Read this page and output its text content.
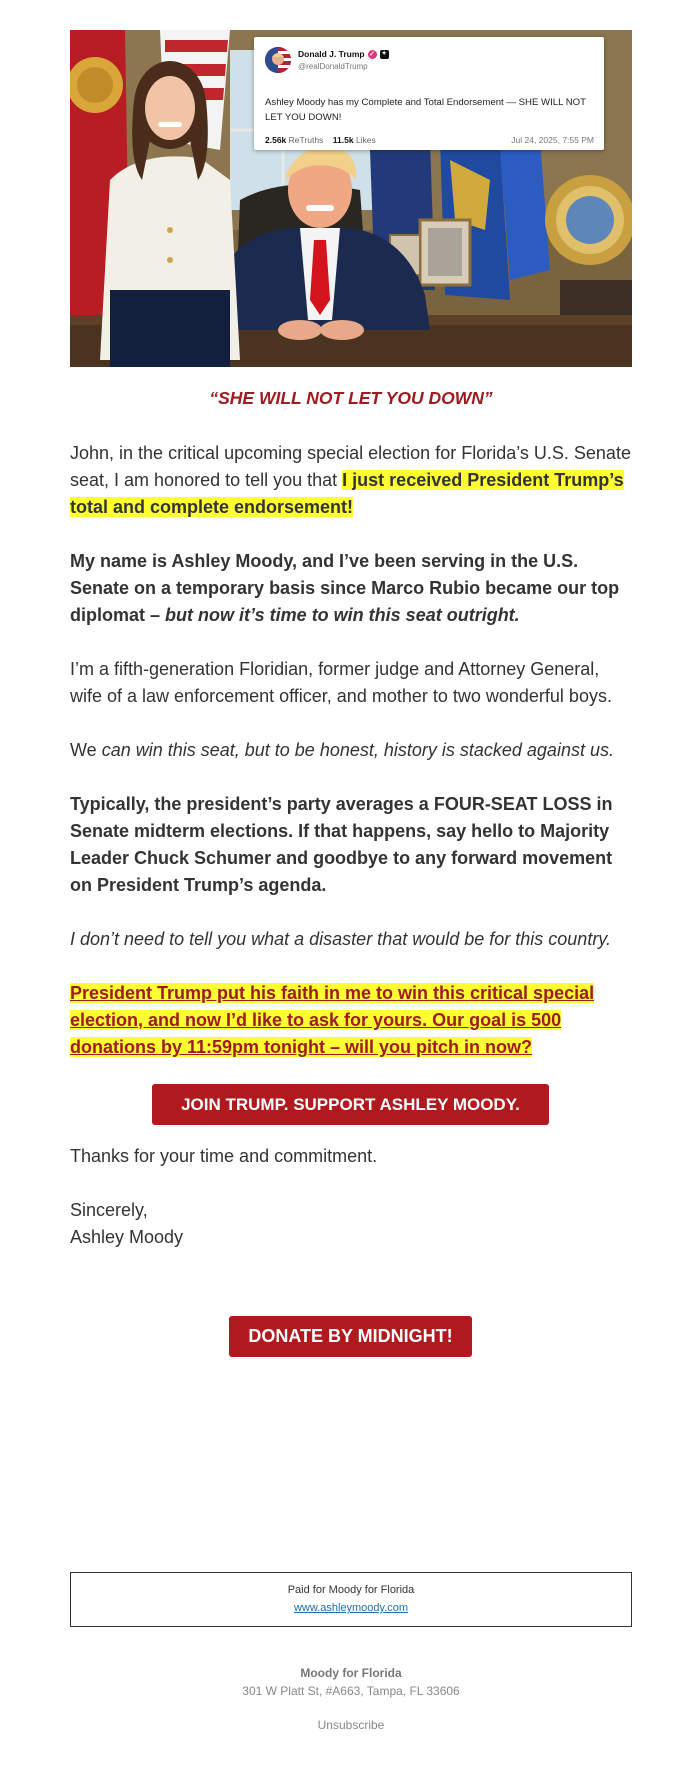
Donald J. Trump ✓	✦
@realDonaldTrump
Ashley Moody has my Complete and Total Endorsement — SHE WILL NOT LET YOU DOWN!
2.56k ReTruths 11.5k Likes	Jul 24, 2025, 7:55 PM

“SHE WILL NOT LET YOU DOWN”

John, in the critical upcoming special election for Florida’s U.S. Senate seat, I am honored to tell you that I just received President Trump’s total and complete endorsement!

My name is Ashley Moody, and I’ve been serving in the U.S. Senate on a temporary basis since Marco Rubio became our top diplomat – but now it’s time to win this seat outright.

I’m a fifth-generation Floridian, former judge and Attorney General, wife of a law enforcement officer, and mother to two wonderful boys.

We can win this seat, but to be honest, history is stacked against us.

Typically, the president’s party averages a FOUR-SEAT LOSS in Senate midterm elections. If that happens, say hello to Majority Leader Chuck Schumer and goodbye to any forward movement on President Trump’s agenda.

I don’t need to tell you what a disaster that would be for this country.

President Trump put his faith in me to win this critical special election, and now I’d like to ask for yours. Our goal is 500 donations by 11:59pm tonight – will you pitch in now?

JOIN TRUMP. SUPPORT ASHLEY MOODY.

Thanks for your time and commitment.

Sincerely,
Ashley Moody

DONATE BY MIDNIGHT!
Paid for Moody for Florida
www.ashleymoody.com
Moody for Florida
301 W Platt St, #A663, Tampa, FL 33606
Unsubscribe
